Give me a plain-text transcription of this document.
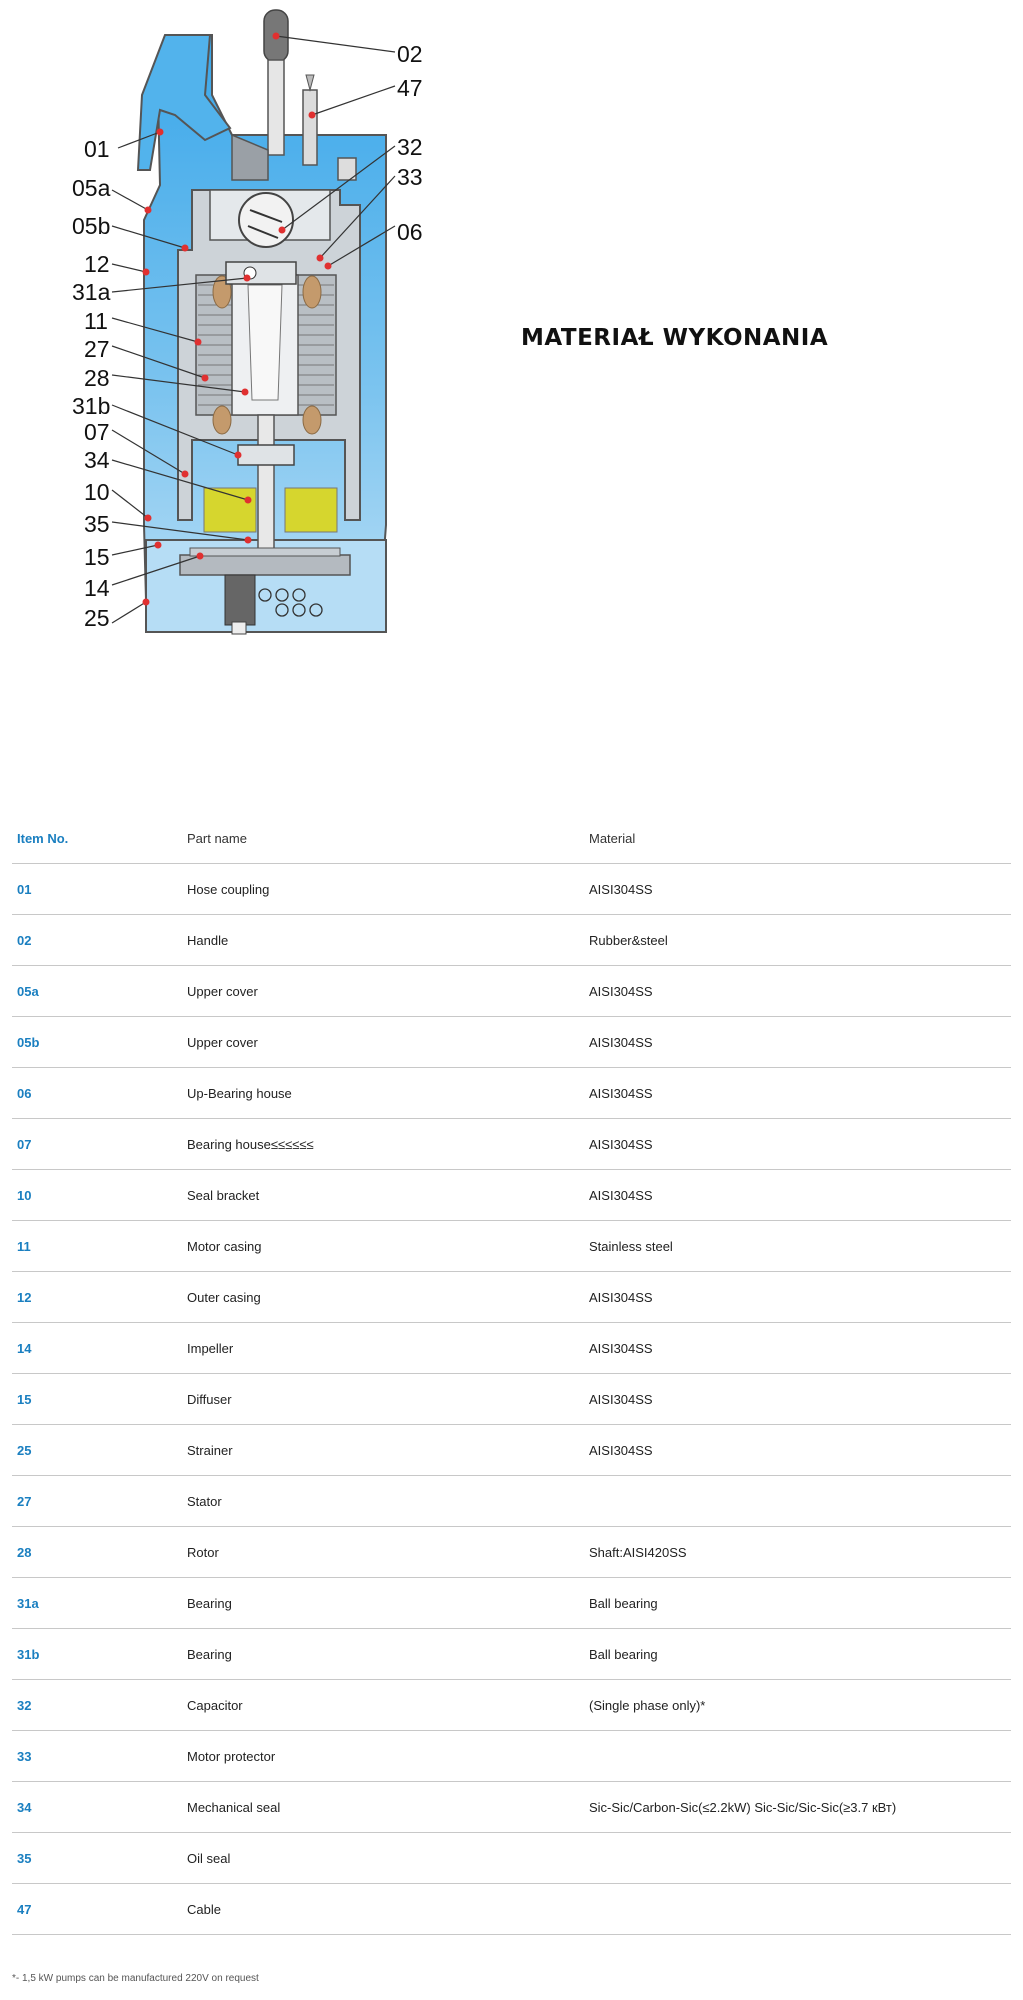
01
05a
05b
12
31a
11
27
28
31b
07
34
10
35
15
14
25
02
47
32
33
06
MATERIAŁ WYKONANIA
Item No.	Part name	Material
01	Hose coupling	AISI304SS
02	Handle	Rubber&steel
05a	Upper cover	AISI304SS
05b	Upper cover	AISI304SS
06	Up-Bearing house	AISI304SS
07	Bearing house≤≤≤≤≤≤	AISI304SS
10	Seal bracket	AISI304SS
11	Motor casing	Stainless steel
12	Outer casing	AISI304SS
14	Impeller	AISI304SS
15	Diffuser	AISI304SS
25	Strainer	AISI304SS
27	Stator	
28	Rotor	Shaft:AISI420SS
31a	Bearing	Ball bearing
31b	Bearing	Ball bearing
32	Capacitor	(Single phase only)*
33	Motor protector	
34	Mechanical seal	Sic-Sic/Carbon-Sic(≤2.2kW) Sic-Sic/Sic-Sic(≥3.7 кВт)
35	Oil seal	
47	Cable	
*- 1,5 kW pumps can be manufactured 220V on request
